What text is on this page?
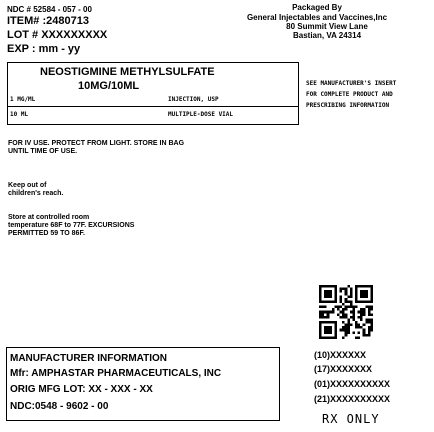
NDC # 52584 - 057 - 00
ITEM# :2480713
LOT # XXXXXXXXX
EXP : mm - yy
Packaged By
General Injectables and Vaccines,Inc
80 Summit View Lane
Bastian, VA 24314
NEOSTIGMINE METHYLSULFATE
10MG/10ML
1 MG/ML	INJECTION, USP
10 ML	MULTIPLE-DOSE VIAL
SEE MANUFACTURER'S INSERT
FOR COMPLETE PRODUCT AND
PRESCRIBING INFORMATION
FOR IV USE. PROTECT FROM LIGHT. STORE IN BAG
UNTIL TIME OF USE.
Keep out of
children's reach.
Store at controlled room
temperature 68F to 77F. EXCURSIONS
PERMITTED 59 TO 86F.
MANUFACTURER INFORMATION
Mfr: AMPHASTAR PHARMACEUTICALS, INC
ORIG MFG LOT: XX - XXX - XX
NDC:0548 - 9602 - 00
(10)XXXXXX
(17)XXXXXXX
(01)XXXXXXXXXX
(21)XXXXXXXXXX
RX ONLY
